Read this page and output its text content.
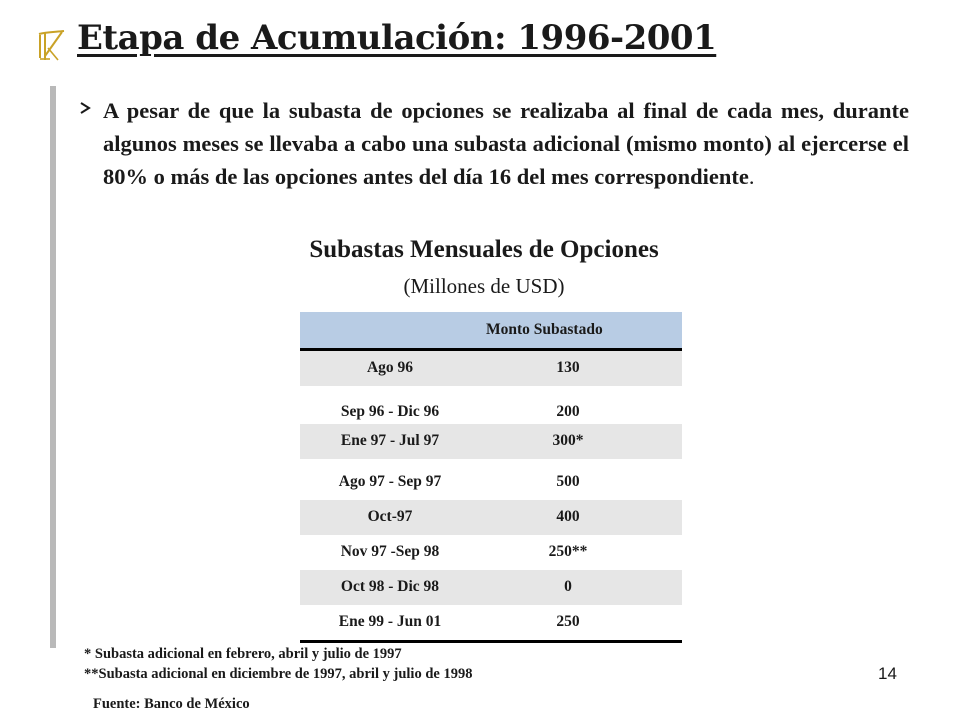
Etapa de Acumulación: 1996-2001

A pesar de que la subasta de opciones se realizaba al final de cada mes, durante algunos meses se llevaba a cabo una subasta adicional (mismo monto) al ejercerse el 80% o más de las opciones antes del día 16 del mes correspondiente.

Subastas Mensuales de Opciones
(Millones de USD)
Monto Subastado
Ago 96	130
Sep 96 - Dic 96	200
Ene 97 - Jul 97	300*
Ago 97 - Sep 97	500
Oct-97	400
Nov 97 -Sep 98	250**
Oct 98 - Dic 98	0
Ene 99 - Jun 01	250
* Subasta adicional en febrero, abril y julio de 1997
**Subasta adicional en diciembre de 1997, abril y julio de 1998
Fuente: Banco de México
14
